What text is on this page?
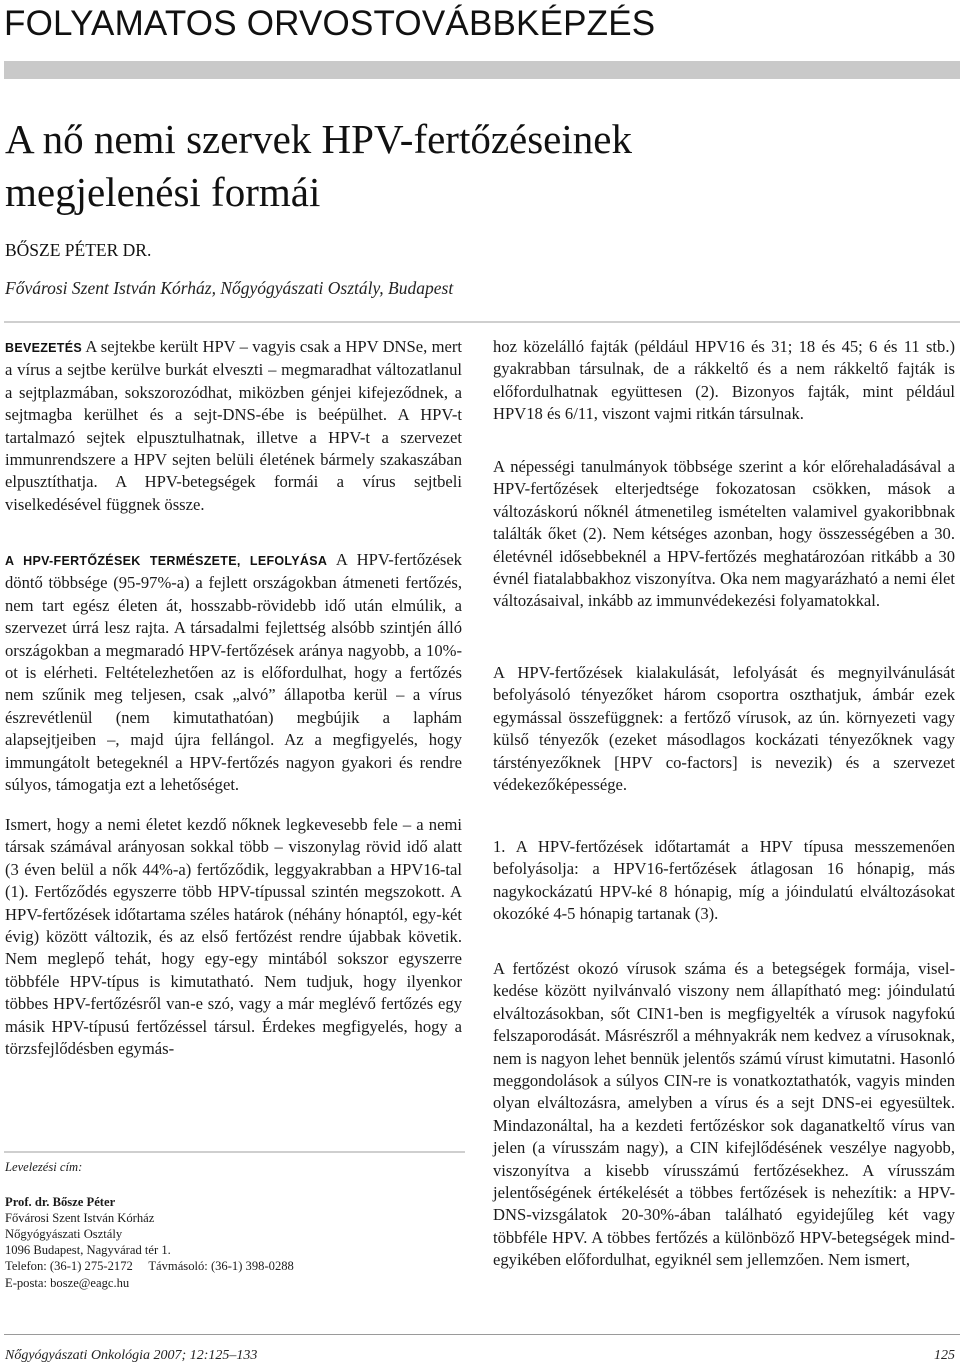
FOLYAMATOS ORVOSTOVÁBBKÉPZÉS
A nő nemi szervek HPV-fertőzéseinek
megjelenési formái
BŐSZE PÉTER DR.
Fővárosi Szent István Kórház, Nőgyógyászati Osztály, Budapest

BEVEZETÉS A sejtekbe került HPV – vagyis csak a HPV DNSe, mert a vírus a sejtbe kerülve burkát elveszti – megmaradhat változatlanul a sejtplazmában, sokszorozódhat, miközben génjei kifejeződnek, a sejtmagba kerülhet és a sejt-DNS-ébe is beépülhet. A HPV-t tartalmazó sejtek elpusztulhatnak, illetve a HPV-t a szervezet immunrendszere a HPV sejten belüli életének bármely szakaszában elpusztíthatja. A HPV-betegségek formái a vírus sejtbeli viselkedésével függnek össze.

A HPV-FERTŐZÉSEK TERMÉSZETE, LEFOLYÁSA A HPV-fertőzések döntő többsége (95-97%-a) a fejlett országokban átmeneti fertőzés, nem tart egész életen át, hosszabb-rövidebb idő után elmúlik, a szervezet úrrá lesz rajta. A társadalmi fejlettség alsóbb szintjén álló országokban a megmaradó HPV-fertőzések aránya nagyobb, a 10%-ot is elérheti. Feltételezhetően az is előfordulhat, hogy a fertőzés nem szűnik meg teljesen, csak „alvó” állapotba kerül – a vírus észrevétlenül (nem kimutathatóan) megbújik a laphám alapsejtjeiben –, majd újra fellángol. Az a megfigyelés, hogy immungátolt betegeknél a HPV-fertőzés nagyon gyakori és rendre súlyos, támogatja ezt a lehetőséget.

Ismert, hogy a nemi életet kezdő nőknek legkevesebb fele – a nemi társak számával arányosan sokkal több – viszonylag rövid idő alatt (3 éven belül a nők 44%-a) fertőződik, leggyakrabban a HPV16-tal (1). Fertőződés egyszerre több HPV-típussal szintén megszokott. A HPV-fertőzések időtartama széles határok (néhány hónaptól, egy-két évig) között változik, és az első fertőzést rendre újabbak követik. Nem meglepő tehát, hogy egy-egy mintából sokszor egyszerre többféle HPV-típus is kimutatható. Nem tudjuk, hogy ilyenkor többes HPV-fertőzésről van-e szó, vagy a már meglévő fertőzés egy másik HPV-típusú fertőzéssel társul. Érdekes megfigyelés, hogy a törzsfejlődésben egymás-

Levelezési cím:
Prof. dr. Bősze Péter
Fővárosi Szent István Kórház
Nőgyógyászati Osztály
1096 Budapest, Nagyvárad tér 1.
Telefon: (36-1) 275-2172     Távmásoló: (36-1) 398-0288
E-posta: bosze@eagc.hu

hoz közelálló fajták (például HPV16 és 31; 18 és 45; 6 és 11 stb.) gyakrabban társulnak, de a rákkeltő és a nem rákkeltő fajták is előfordulhatnak együttesen (2). Bizonyos fajták, mint például HPV18 és 6/11, viszont vajmi ritkán társulnak.

A népességi tanulmányok többsége szerint a kór előrehaladásával a HPV-fertőzések elterjedtsége fokozatosan csökken, mások a változáskorú nőknél átmenetileg ismételten valamivel gyakoribbnak találták őket (2). Nem kétséges azonban, hogy összességében a 30. életévnél idősebbeknél a HPV-fertőzés meghatározóan ritkább a 30 évnél fiatalabbakhoz viszonyítva. Oka nem magyarázható a nemi élet változásaival, inkább az immunvédekezési folyamatokkal.

A HPV-fertőzések kialakulását, lefolyását és megnyilvánulását befolyásoló tényezőket három csoportra oszthatjuk, ámbár ezek egymással összefüggnek: a fertőző vírusok, az ún. környezeti vagy külső tényezők (ezeket másodlagos kockázati tényezőknek vagy társtényezőknek [HPV co-factors] is nevezik) és a szervezet védekezőképessége.

1. A HPV-fertőzések időtartamát a HPV típusa messzemenően befolyásolja: a HPV16-fertőzések átlagosan 16 hónapig, más nagykockázatú HPV-ké 8 hónapig, míg a jóindulatú elváltozásokat okozóké 4-5 hónapig tartanak (3).

A fertőzést okozó vírusok száma és a betegségek formája, viselkedése között nyilvánvaló viszony nem állapítható meg: jóindulatú elváltozásokban, sőt CIN1-ben is megfigyelték a vírusok nagyfokú felszaporodását. Másrészről a méhnyakrák nem kedvez a vírusoknak, nem is nagyon lehet bennük jelentős számú vírust kimutatni. Hasonló meggondolások a súlyos CIN-re is vonatkoztathatók, vagyis minden olyan elváltozásra, amelyben a vírus és a sejt DNS-ei egyesültek. Mindazonáltal, ha a kezdeti fertőzéskor sok daganatkeltő vírus van jelen (a vírusszám nagy), a CIN kifejlődésének veszélye nagyobb, viszonyítva a kisebb vírusszámú fertőzésekhez. A vírusszám jelentőségének értékelését a többes fertőzések is nehezítik: a HPV-DNS-vizsgálatok 20-30%-ában található egyidejűleg két vagy többféle HPV. A többes fertőzés a különböző HPV-betegségek mindegyikében előfordulhat, egyiknél sem jellemzően. Nem ismert,

Nőgyógyászati Onkológia 2007; 12:125–133	125
